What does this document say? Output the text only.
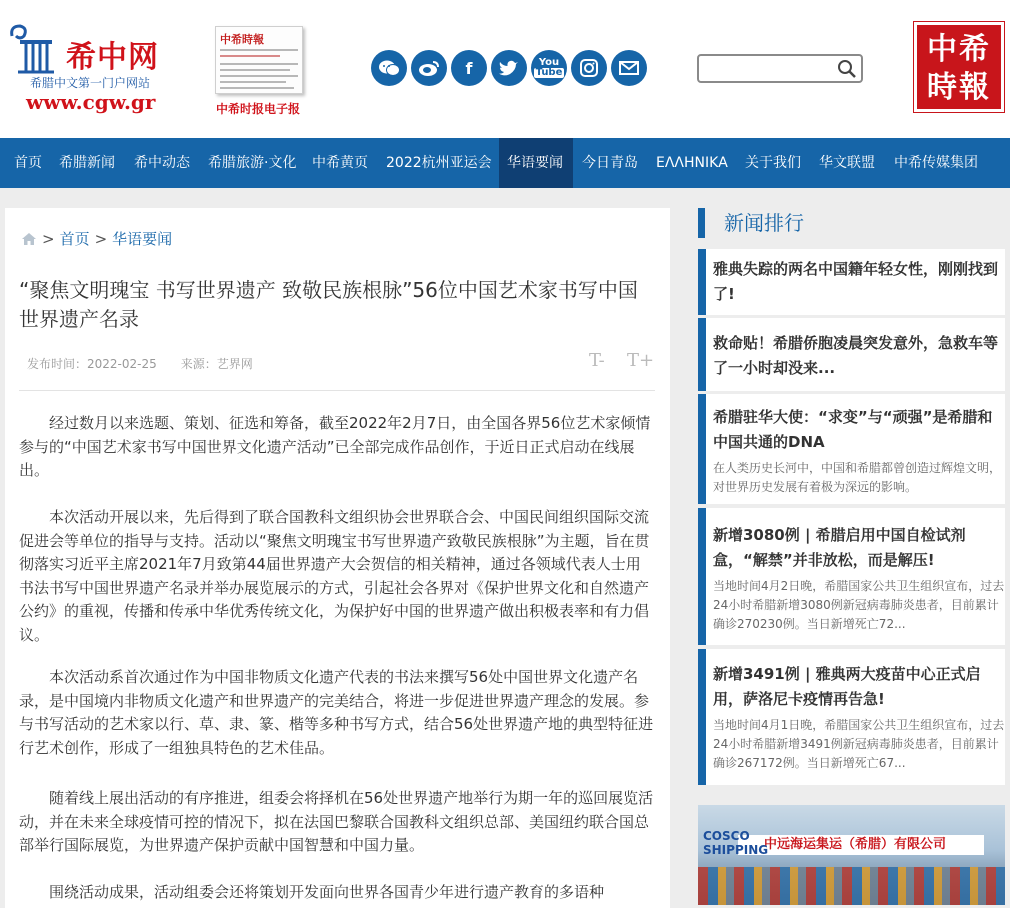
希中网
希腊中文第一门户网站
www.cgw.gr
中希時報
中希时报电子报
f	You
Tube
中希
時報
首页	希腊新闻	希中动态	希腊旅游·文化	中希黄页	2022杭州亚运会	华语要闻	今日青岛	ΕΛΛΗΝΙΚΑ	关于我们	华文联盟	中希传媒集团
> 首页 > 华语要闻
“聚焦文明瑰宝 书写世界遗产 致敬民族根脉”56位中国艺术家书写中国世界遗产名录
发布时间：2022-02-25　　来源：艺界网	T- T+

经过数月以来选题、策划、征选和筹备，截至2022年2月7日，由全国各界56位艺术家倾情参与的“中国艺术家书写中国世界文化遗产活动”已全部完成作品创作，于近日正式启动在线展出。

本次活动开展以来，先后得到了联合国教科文组织协会世界联合会、中国民间组织国际交流促进会等单位的指导与支持。活动以“聚焦文明瑰宝书写世界遗产致敬民族根脉”为主题，旨在贯彻落实习近平主席2021年7月致第44届世界遗产大会贺信的相关精神，通过各领域代表人士用书法书写中国世界遗产名录并举办展览展示的方式，引起社会各界对《保护世界文化和自然遗产公约》的重视，传播和传承中华优秀传统文化，为保护好中国的世界遗产做出积极表率和有力倡议。

本次活动系首次通过作为中国非物质文化遗产代表的书法来撰写56处中国世界文化遗产名录，是中国境内非物质文化遗产和世界遗产的完美结合，将进一步促进世界遗产理念的发展。参与书写活动的艺术家以行、草、隶、篆、楷等多种书写方式，结合56处世界遗产地的典型特征进行艺术创作，形成了一组独具特色的艺术佳品。

随着线上展出活动的有序推进，组委会将择机在56处世界遗产地举行为期一年的巡回展览活动，并在未来全球疫情可控的情况下，拟在法国巴黎联合国教科文组织总部、美国纽约联合国总部举行国际展览，为世界遗产保护贡献中国智慧和中国力量。

围绕活动成果，活动组委会还将策划开发面向世界各国青少年进行遗产教育的多语种

新闻排行
雅典失踪的两名中国籍年轻女性，刚刚找到了!
救命贴！希腊侨胞凌晨突发意外，急救车等了一小时却没来...
希腊驻华大使：“求变”与“顽强”是希腊和中国共通的DNA
在人类历史长河中，中国和希腊都曾创造过辉煌文明，对世界历史发展有着极为深远的影响。
新增3080例 | 希腊启用中国自检试剂盒，“解禁”并非放松，而是解压!
当地时间4月2日晚，希腊国家公共卫生组织宣布，过去24小时希腊新增3080例新冠病毒肺炎患者，目前累计确诊270230例。当日新增死亡72...
新增3491例 | 雅典两大疫苗中心正式启用，萨洛尼卡疫情再告急!
当地时间4月1日晚，希腊国家公共卫生组织宣布，过去24小时希腊新增3491例新冠病毒肺炎患者，目前累计确诊267172例。当日新增死亡67...
COSCO SHIPPING
中远海运集运（希腊）有限公司
